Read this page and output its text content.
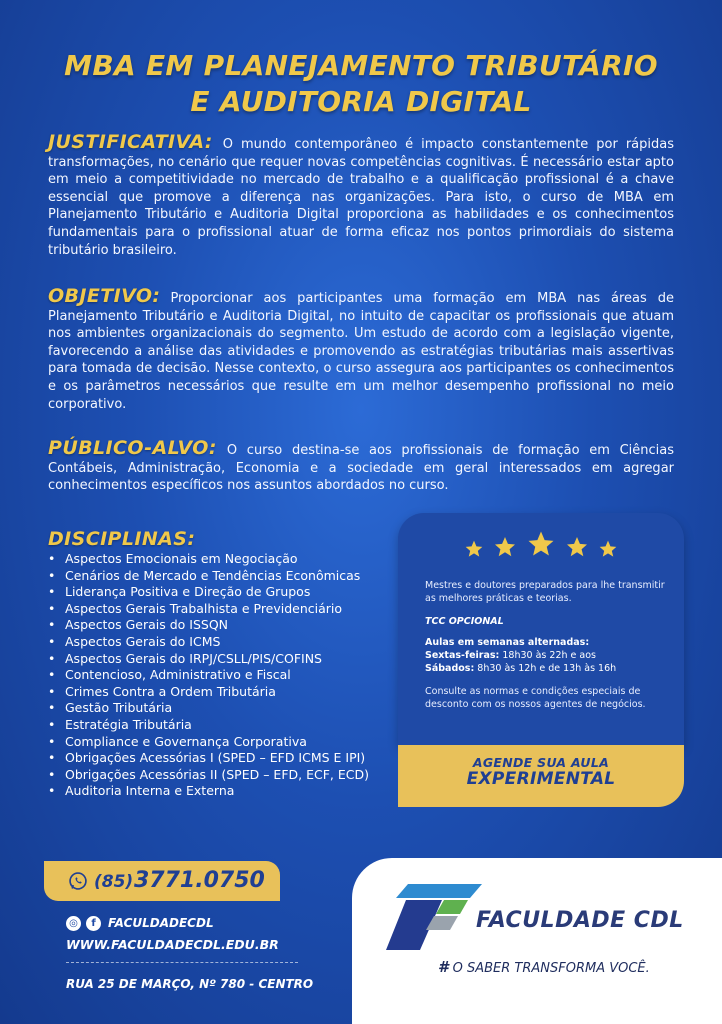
MBA EM PLANEJAMENTO TRIBUTÁRIO
E AUDITORIA DIGITAL
JUSTIFICATIVA: O mundo contemporâneo é impacto constantemente por rápidas transformações, no cenário que requer novas competências cognitivas. É necessário estar apto em meio a competitividade no mercado de trabalho e a qualificação profissional é a chave essencial que promove a diferença nas organizações. Para isto, o curso de MBA em Planejamento Tributário e Auditoria Digital proporciona as habilidades e os conhecimentos fundamentais para o profissional atuar de forma eficaz nos pontos primordiais do sistema tributário brasileiro.
OBJETIVO: Proporcionar aos participantes uma formação em MBA nas áreas de Planejamento Tributário e Auditoria Digital, no intuito de capacitar os profissionais que atuam nos ambientes organizacionais do segmento. Um estudo de acordo com a legislação vigente, favorecendo a análise das atividades e promovendo as estratégias tributárias mais assertivas para tomada de decisão. Nesse contexto, o curso assegura aos participantes os conhecimentos e os parâmetros necessários que resulte em um melhor desempenho profissional no meio corporativo.
PÚBLICO-ALVO: O curso destina-se aos profissionais de formação em Ciências Contábeis, Administração, Economia e a sociedade em geral interessados em agregar conhecimentos específicos nos assuntos abordados no curso.
DISCIPLINAS:
• Aspectos Emocionais em Negociação
• Cenários de Mercado e Tendências Econômicas
• Liderança Positiva e Direção de Grupos
• Aspectos Gerais Trabalhista e Previdenciário
• Aspectos Gerais do ISSQN
• Aspectos Gerais do ICMS
• Aspectos Gerais do IRPJ/CSLL/PIS/COFINS
• Contencioso, Administrativo e Fiscal
• Crimes Contra a Ordem Tributária
• Gestão Tributária
• Estratégia Tributária
• Compliance e Governança Corporativa
• Obrigações Acessórias I (SPED – EFD ICMS E IPI)
• Obrigações Acessórias II (SPED – EFD, ECF, ECD)
• Auditoria Interna e Externa

Mestres e doutores preparados para lhe transmitir as melhores práticas e teorias.
TCC OPCIONAL
Aulas em semanas alternadas:
Sextas-feiras: 18h30 às 22h e aos
Sábados: 8h30 às 12h e de 13h às 16h
Consulte as normas e condições especiais de desconto com os nossos agentes de negócios.
AGENDE SUA AULA
EXPERIMENTAL
(85) 3771.0750
◎	f	FACULDADECDL
WWW.FACULDADECDL.EDU.BR
RUA 25 DE MARÇO, Nº 780 - CENTRO
FACULDADE CDL
# O SABER TRANSFORMA VOCÊ.
